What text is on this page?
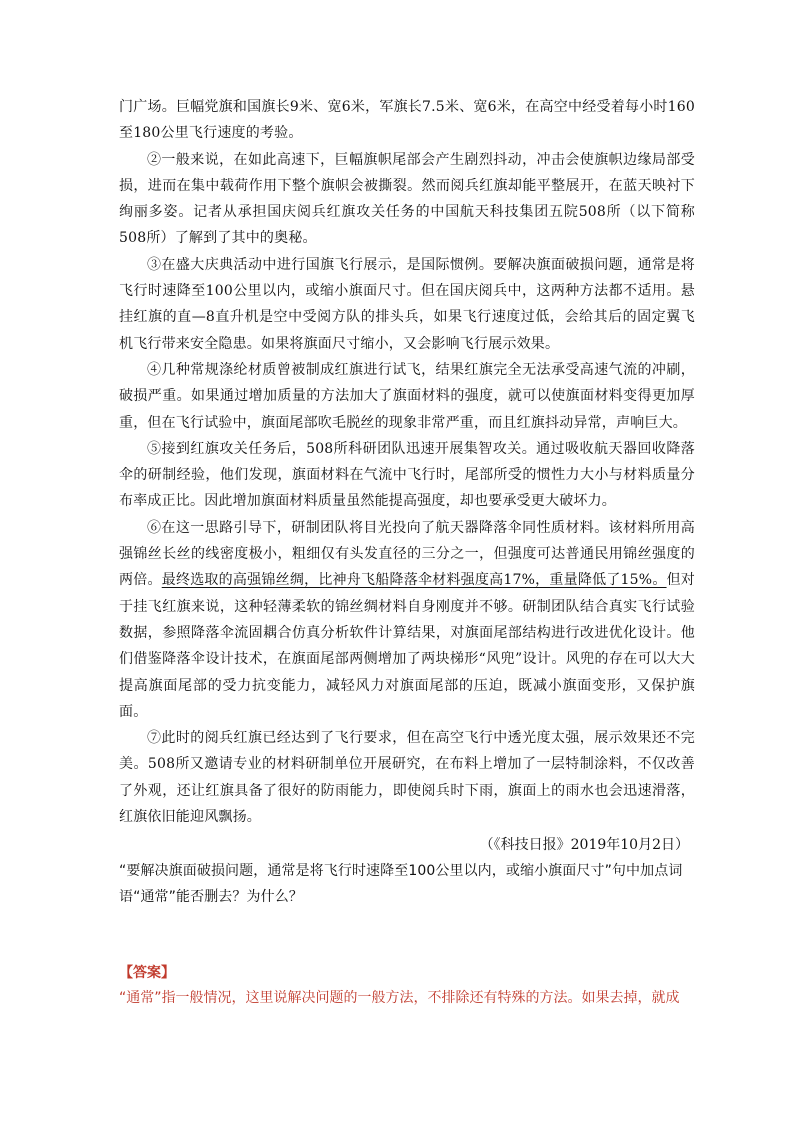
门广场。巨幅党旗和国旗长9米、宽6米，军旗长7.5米、宽6米，在高空中经受着每小时160至180公里飞行速度的考验。

②一般来说，在如此高速下，巨幅旗帜尾部会产生剧烈抖动，冲击会使旗帜边缘局部受损，进而在集中载荷作用下整个旗帜会被撕裂。然而阅兵红旗却能平整展开，在蓝天映衬下绚丽多姿。记者从承担国庆阅兵红旗攻关任务的中国航天科技集团五院508所（以下简称508所）了解到了其中的奥秘。

③在盛大庆典活动中进行国旗飞行展示，是国际惯例。要解决旗面破损问题，通常是将飞行时速降至100公里以内，或缩小旗面尺寸。但在国庆阅兵中，这两种方法都不适用。悬挂红旗的直—8直升机是空中受阅方队的排头兵，如果飞行速度过低，会给其后的固定翼飞机飞行带来安全隐患。如果将旗面尺寸缩小，又会影响飞行展示效果。

④几种常规涤纶材质曾被制成红旗进行试飞，结果红旗完全无法承受高速气流的冲刷，破损严重。如果通过增加质量的方法加大了旗面材料的强度，就可以使旗面材料变得更加厚重，但在飞行试验中，旗面尾部吹毛脱丝的现象非常严重，而且红旗抖动异常，声响巨大。

⑤接到红旗攻关任务后，508所科研团队迅速开展集智攻关。通过吸收航天器回收降落伞的研制经验，他们发现，旗面材料在气流中飞行时，尾部所受的惯性力大小与材料质量分布率成正比。因此增加旗面材料质量虽然能提高强度，却也要承受更大破坏力。

⑥在这一思路引导下，研制团队将目光投向了航天器降落伞同性质材料。该材料所用高强锦丝长丝的线密度极小，粗细仅有头发直径的三分之一，但强度可达普通民用锦丝强度的两倍。最终选取的高强锦丝绸，比神舟飞船降落伞材料强度高17%，重量降低了15%。但对于挂飞红旗来说，这种轻薄柔软的锦丝绸材料自身刚度并不够。研制团队结合真实飞行试验数据，参照降落伞流固耦合仿真分析软件计算结果，对旗面尾部结构进行改进优化设计。他们借鉴降落伞设计技术，在旗面尾部两侧增加了两块梯形“风兜”设计。风兜的存在可以大大提高旗面尾部的受力抗变能力，减轻风力对旗面尾部的压迫，既减小旗面变形，又保护旗面。

⑦此时的阅兵红旗已经达到了飞行要求，但在高空飞行中透光度太强，展示效果还不完美。508所又邀请专业的材料研制单位开展研究，在布料上增加了一层特制涂料，不仅改善了外观，还让红旗具备了很好的防雨能力，即使阅兵时下雨，旗面上的雨水也会迅速滑落，红旗依旧能迎风飘扬。

（《科技日报》2019年10月2日）

“要解决旗面破损问题，通常是将飞行时速降至100公里以内，或缩小旗面尺寸”句中加点词语“通常”能否删去？为什么？

【答案】
“通常”指一般情况，这里说解决问题的一般方法，不排除还有特殊的方法。如果去掉，就成
